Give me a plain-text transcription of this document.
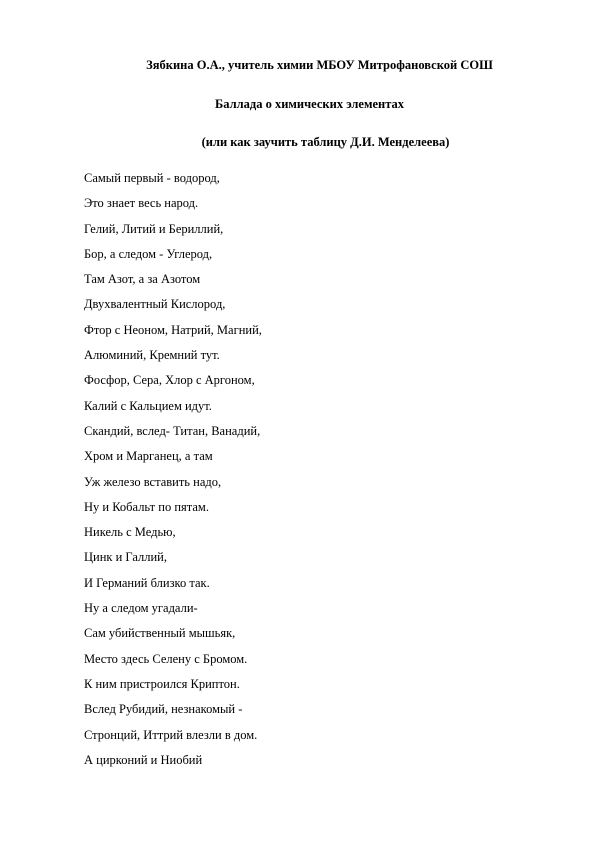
Зябкина О.А., учитель химии МБОУ Митрофановской СОШ
Баллада о химических элементах
(или как заучить таблицу Д.И. Менделеева)
Самый первый - водород,
Это знает весь народ.
Гелий, Литий и Бериллий,
Бор, а следом - Углерод,
Там Азот, а за Азотом
Двухвалентный Кислород,
Фтор с Неоном, Натрий, Магний,
Алюминий, Кремний тут.
Фосфор, Сера, Хлор с Аргоном,
Калий с Кальцием идут.
Скандий, вслед- Титан, Ванадий,
Хром и Марганец, а там
Уж железо вставить надо,
Ну и Кобальт по пятам.
Никель с Медью,
Цинк и Галлий,
И Германий близко так.
Ну а следом угадали-
Сам убийственный мышьяк,
Место здесь Селену с Бромом.
К ним пристроился Криптон.
Вслед Рубидий, незнакомый -
Стронций, Иттрий влезли в дом.
А цирконий и Ниобий
